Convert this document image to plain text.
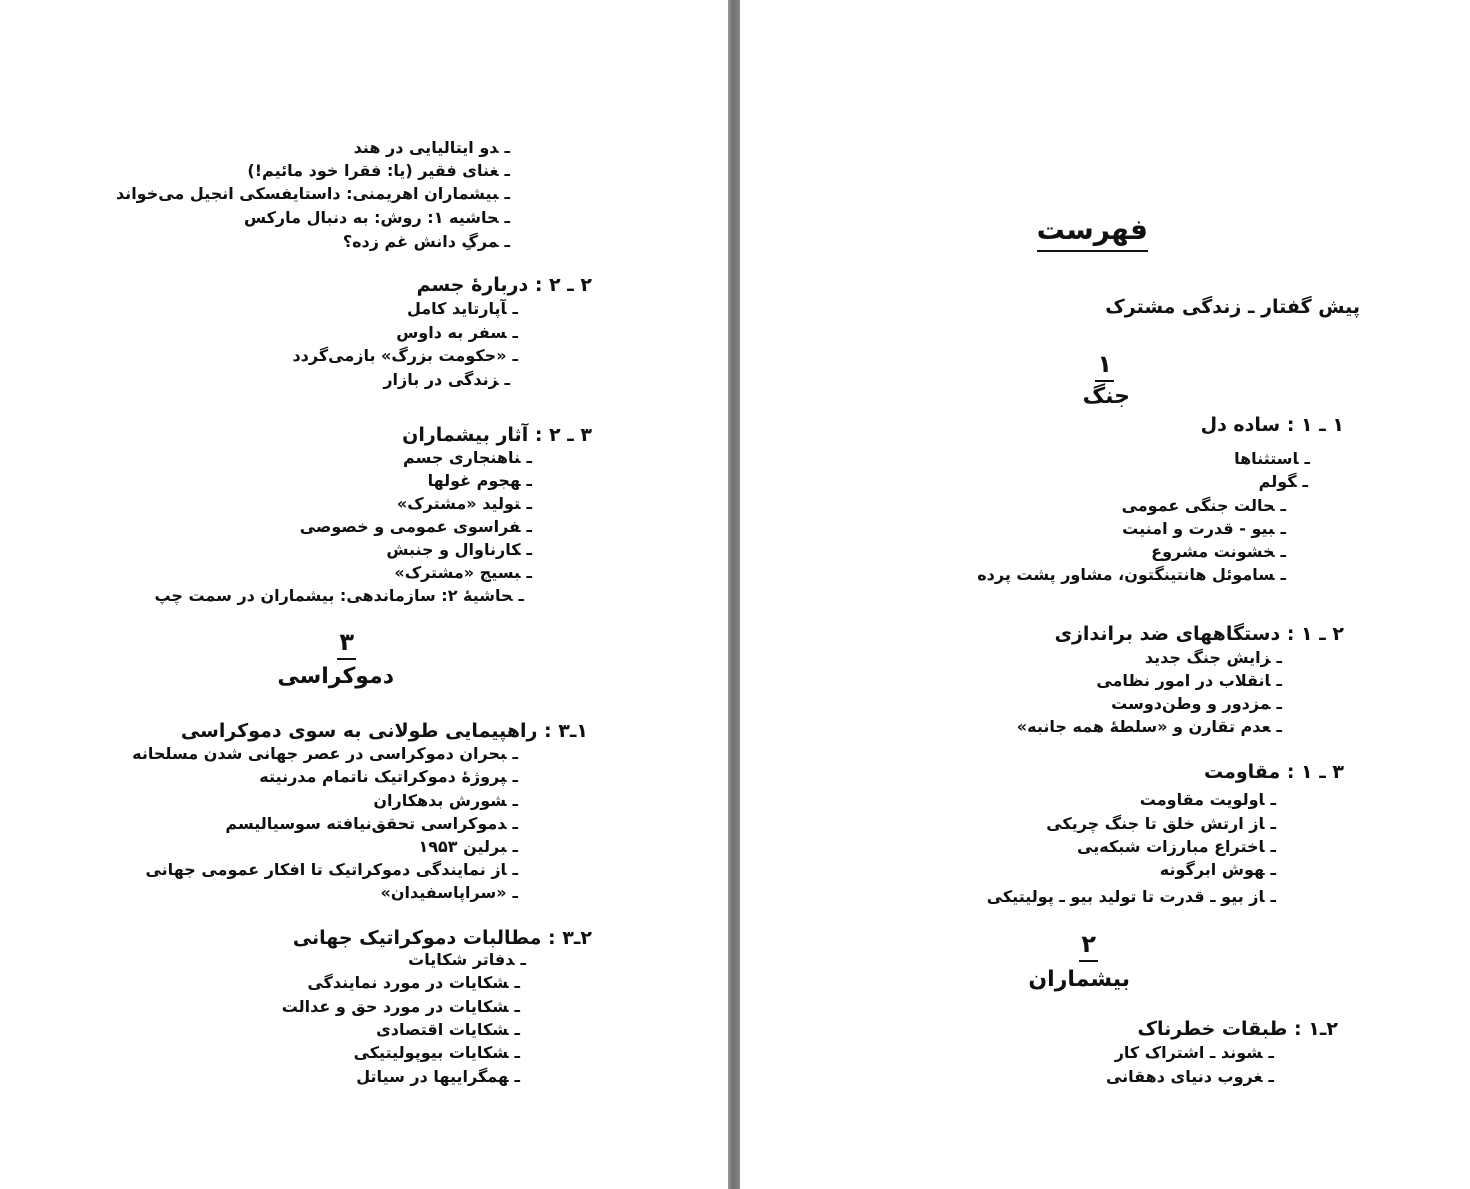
ـدو ایتالیایی در هند
ـغنای فقیر (یا: فقرا خود مائیم!)
ـبیشماران اهریمنی: داستایفسکی انجیل می‌خواند
ـحاشیه ۱: روش: به دنبال مارکس
ـمرگِ دانش غم زده؟
۲ ـ ۲ : دربارهٔ جسم
ـآپارتاید کامل
ـسفر به داوس
ـ«حکومت بزرگ» بازمی‌گردد
ـزندگی در بازار
۳ ـ ۲ : آثار بیشماران
ـناهنجاری جسم
ـهجوم غولها
ـتولید «مشترک»
ـفراسوی عمومی و خصوصی
ـکارناوال و جنبش
ـبسیج «مشترک»
ـحاشیهٔ ۲: سازماندهی: بیشماران در سمت چپ
۳
دموکراسی
۱ـ۳ : راهپیمایی طولانی به سوی دموکراسی
ـبحران دموکراسی در عصر جهانی شدن مسلحانه
ـپروژهٔ دموکراتیک ناتمام مدرنیته
ـشورش بدهکاران
ـدموکراسی تحقق‌نیافته سوسیالیسم
ـبرلین ۱۹۵۳
ـاز نمایندگی دموکراتیک تا افکار عمومی جهانی
ـ«سراپاسفیدان»
۲ـ۳ : مطالبات دموکراتیک جهانی
ـدفاتر شکایات
ـشکایات در مورد نمایندگی
ـشکایات در مورد حق و عدالت
ـشکایات اقتصادی
ـشکایات بیوپولیتیکی
ـهمگراییها در سیاتل
فهرست
پیش گفتار ـ زندگی مشترک
۱
جنگ
۱ ـ ۱ : ساده دل
ـاستثناها
ـگولم
ـحالت جنگی عمومی
ـبیو - قدرت و امنیت
ـخشونت مشروع
ـساموئل هانتینگتون، مشاور پشت پرده
۲ ـ ۱ : دستگاههای ضد براندازی
ـزایش جنگ جدید
ـانقلاب در امور نظامی
ـمزدور و وطن‌دوست
ـعدم تقارن و «سلطهٔ همه جانبه»
۳ ـ ۱ : مقاومت
ـاولویت مقاومت
ـاز ارتش خلق تا جنگ چریکی
ـاختراع مبارزات شبکه‌یی
ـهوش ابرگونه
ـاز بیو ـ قدرت تا تولید بیو ـ پولیتیکی
۲
بیشماران
۲ـ۱ : طبقات خطرناک
ـشوند ـ اشتراک کار
ـغروب دنیای دهقانی
